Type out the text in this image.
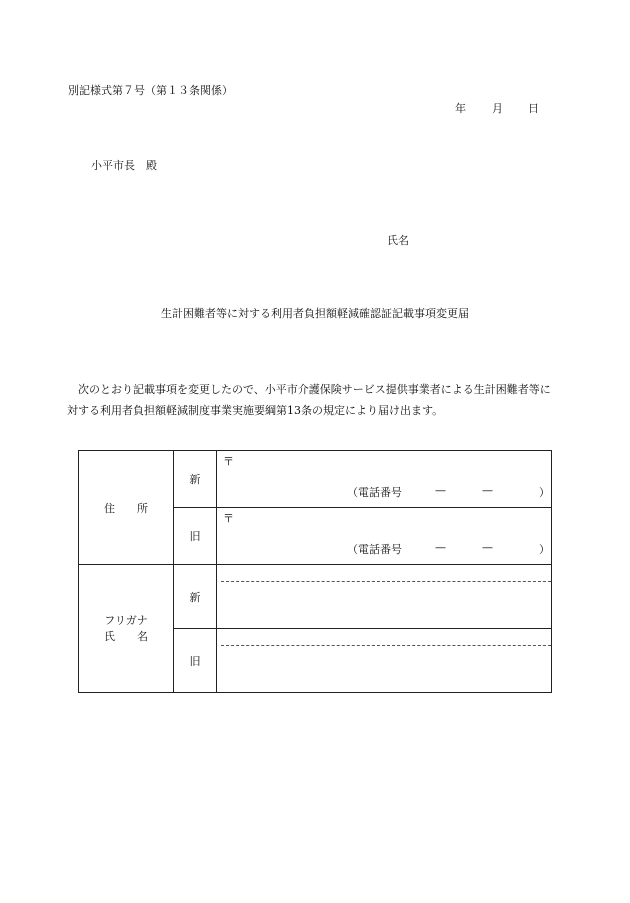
別記様式第７号（第１３条関係）
年 月 日
小平市長　殿
氏名
生計困難者等に対する利用者負担額軽減確認証記載事項変更届

次のとおり記載事項を変更したので、小平市介護保険サービス提供事業者による生計困難者等に対する利用者負担額軽減制度事業実施要綱第13条の規定により届け出ます。

住　　所	新	〒
（電話番号 — — ）

	旧	〒
（電話番号 — — ）

フリガナ
氏　　名	新	

	旧	
